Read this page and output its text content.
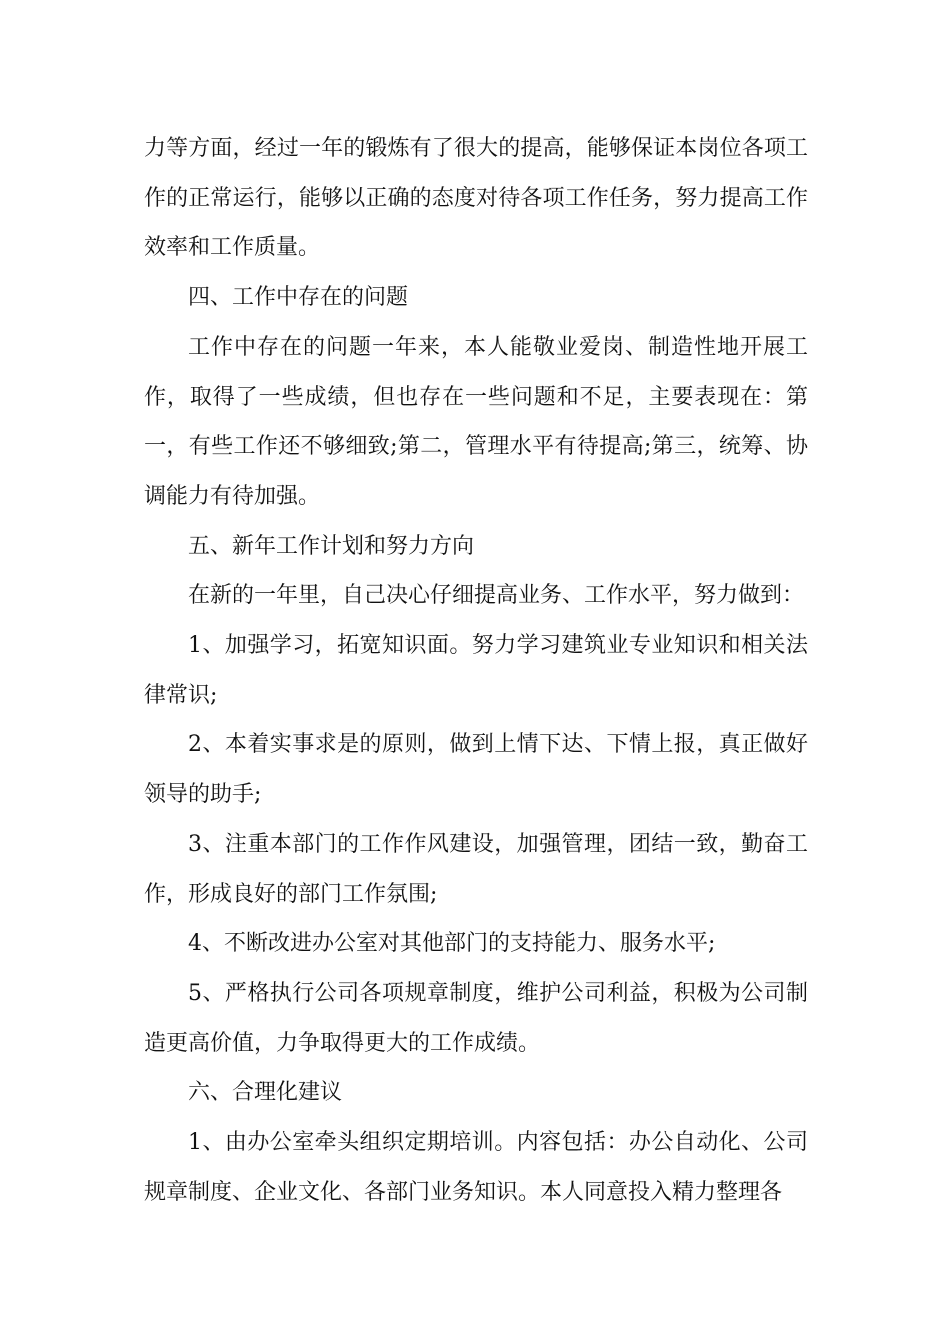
力等方面，经过一年的锻炼有了很大的提高，能够保证本岗位各项工作的正常运行，能够以正确的态度对待各项工作任务，努力提高工作效率和工作质量。

四、工作中存在的问题

工作中存在的问题一年来，本人能敬业爱岗、制造性地开展工作，取得了一些成绩，但也存在一些问题和不足，主要表现在：第一，有些工作还不够细致;第二，管理水平有待提高;第三，统筹、协调能力有待加强。

五、新年工作计划和努力方向

在新的一年里，自己决心仔细提高业务、工作水平，努力做到：

1、加强学习，拓宽知识面。努力学习建筑业专业知识和相关法律常识;

2、本着实事求是的原则，做到上情下达、下情上报，真正做好领导的助手;

3、注重本部门的工作作风建设，加强管理，团结一致，勤奋工作，形成良好的部门工作氛围;

4、不断改进办公室对其他部门的支持能力、服务水平;

5、严格执行公司各项规章制度，维护公司利益，积极为公司制造更高价值，力争取得更大的工作成绩。

六、合理化建议

1、由办公室牵头组织定期培训。内容包括：办公自动化、公司规章制度、企业文化、各部门业务知识。本人同意投入精力整理各
